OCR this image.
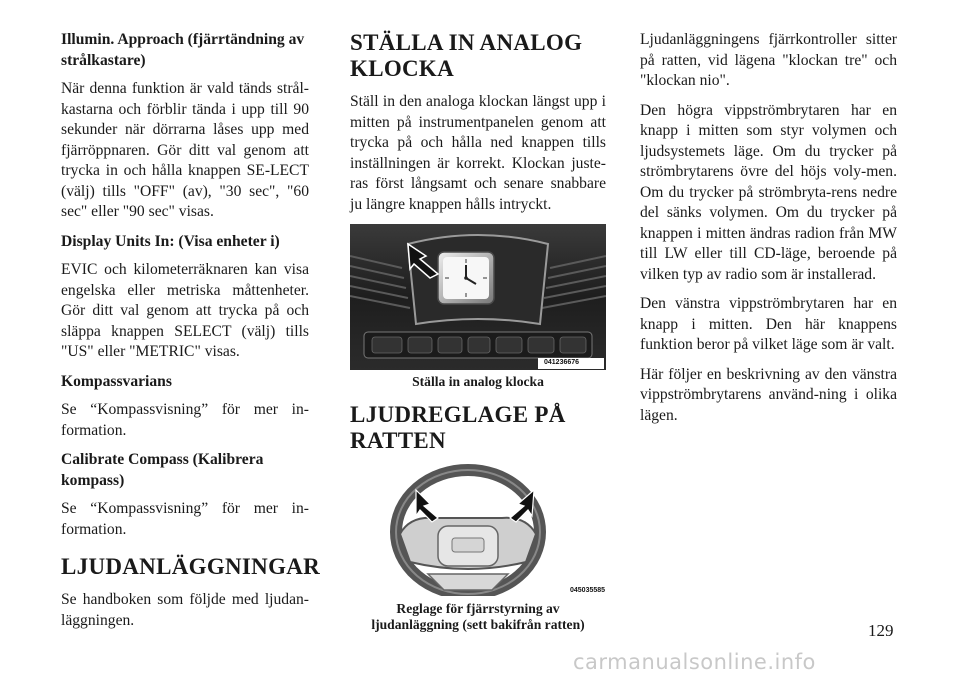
Illumin. Approach (fjärrtändning av strålkastare)

När denna funktion är vald tänds strål-kastarna och förblir tända i upp till 90 sekunder när dörrarna låses upp med fjärröppnaren. Gör ditt val genom att trycka in och hålla knappen SE-LECT (välj) tills "OFF" (av), "30 sec", "60 sec" eller "90 sec" visas.

Display Units In: (Visa enheter i)

EVIC och kilometerräknaren kan visa engelska eller metriska måttenheter. Gör ditt val genom att trycka på och släppa knappen SELECT (välj) tills "US" eller "METRIC" visas.

Kompassvarians

Se “Kompassvisning” för mer in-formation.

Calibrate Compass (Kalibrera kompass)

Se “Kompassvisning” för mer in-formation.

LJUDANLÄGGNINGAR

Se handboken som följde med ljudan-läggningen.

STÄLLA IN ANALOG KLOCKA

Ställ in den analoga klockan längst upp i mitten på instrumentpanelen genom att trycka på och hålla ned knappen tills inställningen är korrekt. Klockan juste-ras först långsamt och senare snabbare ju längre knappen hålls intryckt.

041236676

Ställa in analog klocka

LJUDREGLAGE PÅ RATTEN
045035585

Reglage för fjärrstyrning av

ljudanläggning (sett bakifrån ratten)

Ljudanläggningens fjärrkontroller sitter på ratten, vid lägena "klockan tre" och "klockan nio".

Den högra vippströmbrytaren har en knapp i mitten som styr volymen och ljudsystemets läge. Om du trycker på strömbrytarens övre del höjs voly-men. Om du trycker på strömbryta-rens nedre del sänks volymen. Om du trycker på knappen i mitten ändras radion från MW till LW eller till CD-läge, beroende på vilken typ av radio som är installerad.

Den vänstra vippströmbrytaren har en knapp i mitten. Den här knappens funktion beror på vilket läge som är valt.

Här följer en beskrivning av den vänstra vippströmbrytarens använd-ning i olika lägen.

129
carmanualsonline.info
